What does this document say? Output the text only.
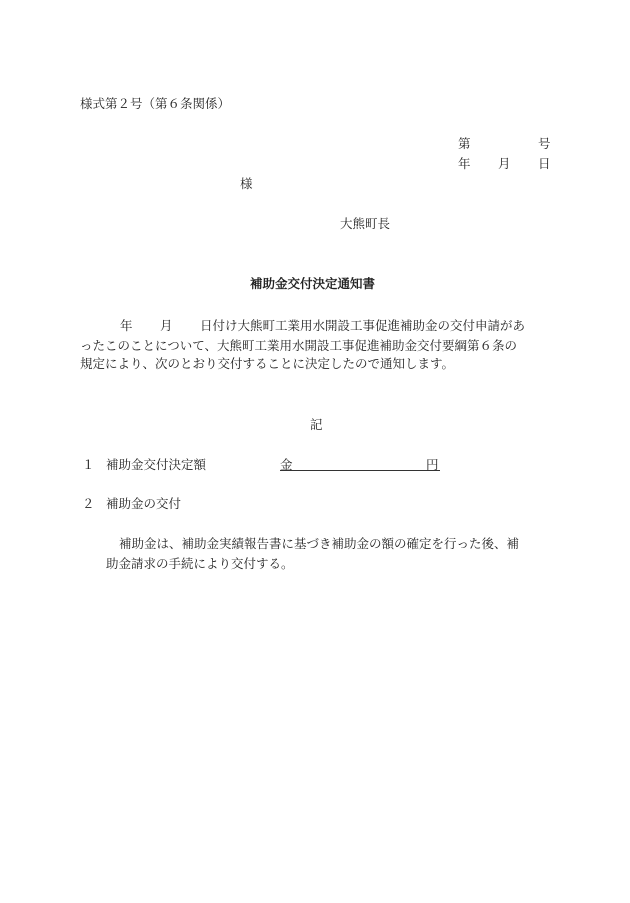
様式第２号（第６条関係）
第	号
年 月 日
様
大熊町長
補助金交付決定通知書
年 月 日付け大熊町工業用水開設工事促進補助金の交付申請があ
ったこのことについて、大熊町工業用水開設工事促進補助金交付要綱第６条の
規定により、次のとおり交付することに決定したので通知します。
記
１ 補助金交付決定額	金	円
２ 補助金の交付
補助金は、補助金実績報告書に基づき補助金の額の確定を行った後、補
助金請求の手続により交付する。
